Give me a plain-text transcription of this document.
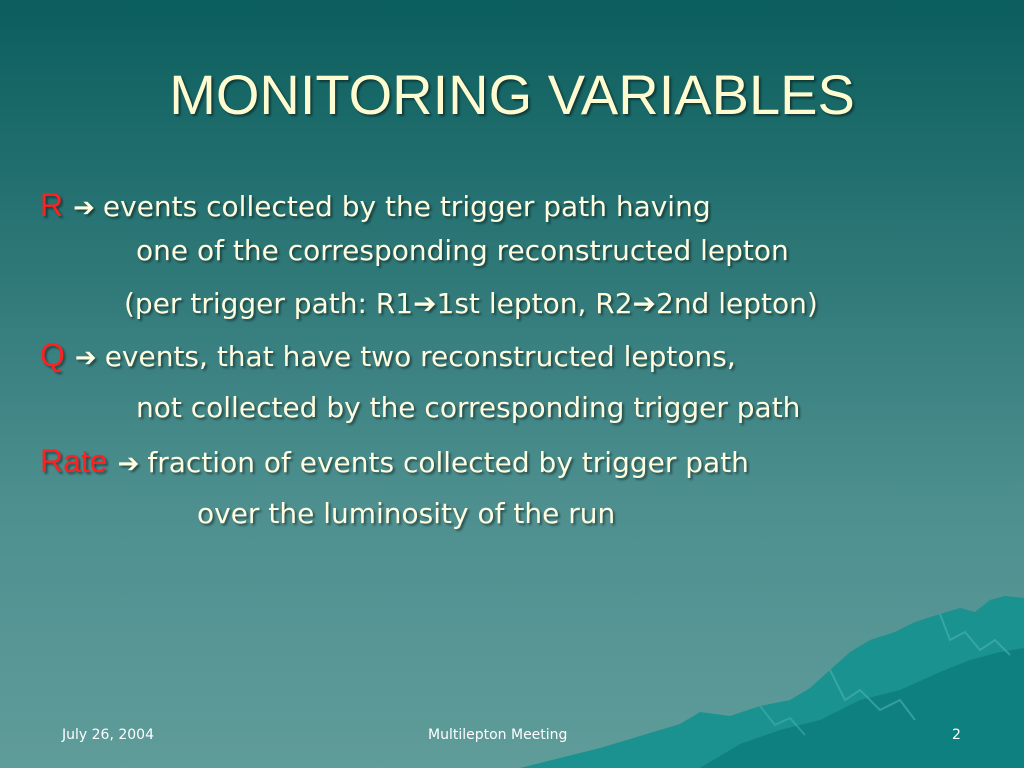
MONITORING VARIABLES
R ➔ events collected by the trigger path having
one of the corresponding reconstructed lepton
(per trigger path: R1➔1st lepton, R2➔2nd lepton)
Q ➔ events, that have two reconstructed leptons,
not collected by the corresponding trigger path
Rate ➔ fraction of events collected by trigger path
over the luminosity of the run
July 26, 2004	Multilepton Meeting	2
